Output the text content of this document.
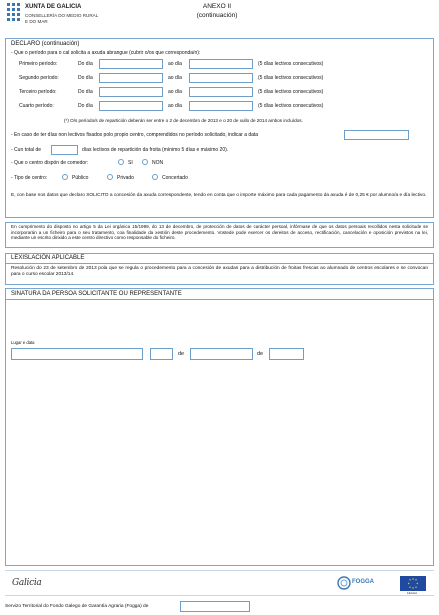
XUNTA DE GALICIA
CONSELLERÍA DO MEDIO RURAL
E DO MAR
ANEXO II
(continuación)
DECLARO (continuación)
- Que o período para o cal solicita a axuda abrangue (cubrir o/os que corresponda/n):
Primeiro período:	Do día	ao día	(5 días lectivos consecutivos)
Segundo período:	Do día	ao día	(5 días lectivos consecutivos)
Terceiro período:	Do día	ao día	(5 días lectivos consecutivos)
Cuarto período:	Do día	ao día	(5 días lectivos consecutivos)
(*) O/s período/s de repartición deberán ser entre o 2 de decembro de 2013 e o 20 de xullo de 2014 ambos incluídos.
- En caso de ter días non lectivos fixados polo propio centro, comprendidos no período solicitado, indicar a data
- Cun total de	días lectivos de repartición da froita (mínimo 5 días e máximo 20).
- Que o centro dispón de comedor:	SI	NON
- Tipo de centro:	Público	Privado	Concertado
E, con base nos datos que declaro SOLICITO a concesión da axuda correspondente, tendo en conta que o importe máximo para cada pagamento da axuda é de 0,25 € por alumno/a e día lectivo.
En cumprimento do disposto no artigo 5 da Lei orgánica 15/1999, do 13 de decembro, de protección de datos de carácter persoal, infórmase de que os datos persoais recollidos nesta solicitude se incorporarán a un ficheiro para o seu tratamento, coa finalidade da xestión deste procedemento. Vostede pode exercer os dereitos de acceso, rectificación, cancelación e oposición previstos na lei, mediante un escrito dirixido a este centro directivo como responsable do ficheiro.
LEXISLACIÓN APLICABLE
Resolución do 23 de setembro de 2013 pola que se regula o procedemento para a concesión de axudas para a distribución de froitas frescas ao alumnado de centros escolares e se convocan para o curso escolar 2013/14.
SINATURA DA PERSOA SOLICITANTE OU REPRESENTANTE
Lugar e data
de	de
Galicia	FOGGA
FEAGA
Servizo Territorial do Fondo Galego de Garantía Agraria (Fogga) de
